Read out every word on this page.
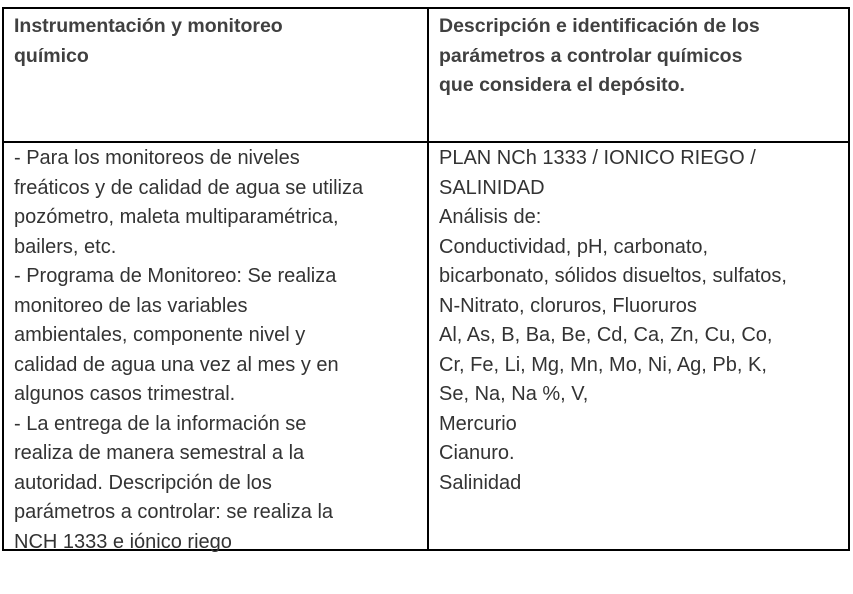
Instrumentación y monitoreo
químico
Descripción e identificación de los
parámetros a controlar químicos
que considera el depósito.
- Para los monitoreos de niveles
freáticos y de calidad de agua se utiliza
pozómetro, maleta multiparamétrica,
bailers, etc.
- Programa de Monitoreo: Se realiza
monitoreo de las variables
ambientales, componente nivel y
calidad de agua una vez al mes y en
algunos casos trimestral.
- La entrega de la información se
realiza de manera semestral a la
autoridad. Descripción de los
parámetros a controlar: se realiza la
NCH 1333 e iónico riego
PLAN NCh 1333 / IONICO RIEGO /
SALINIDAD
Análisis de:
Conductividad, pH, carbonato,
bicarbonato, sólidos disueltos, sulfatos,
N-Nitrato, cloruros, Fluoruros
Al, As, B, Ba, Be, Cd, Ca, Zn, Cu, Co,
Cr, Fe, Li, Mg, Mn, Mo, Ni, Ag, Pb, K,
Se, Na, Na %, V,
Mercurio
Cianuro.
Salinidad
